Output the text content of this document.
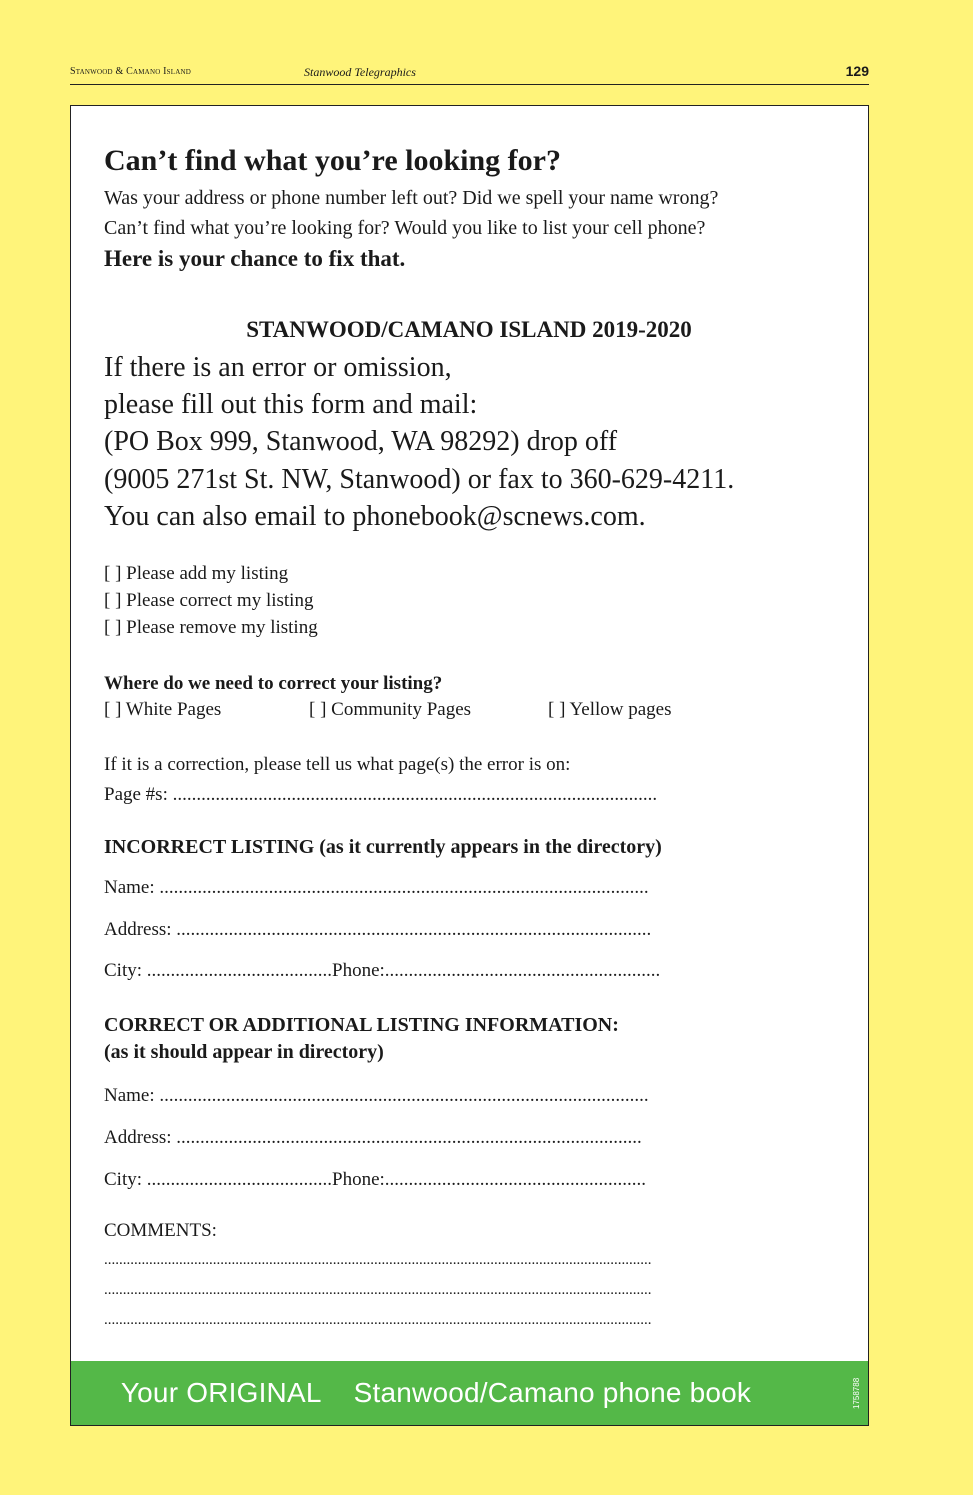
Stanwood & Camano Island	Stanwood Telegraphics	129
Can’t find what you’re looking for?
Was your address or phone number left out? Did we spell your name wrong?
Can’t find what you’re looking for? Would you like to list your cell phone?
Here is your chance to fix that.
STANWOOD/CAMANO ISLAND 2019-2020
If there is an error or omission,
please fill out this form and mail:
(PO Box 999, Stanwood, WA 98292) drop off
(9005 271st St. NW, Stanwood) or fax to 360-629-4211.
You can also email to phonebook@scnews.com.
[ ] Please add my listing
[ ] Please correct my listing
[ ] Please remove my listing
Where do we need to correct your listing?
[ ] White Pages	[ ] Community Pages	[ ] Yellow pages
If it is a correction, please tell us what page(s) the error is on:
Page #s: ......................................................................................................
INCORRECT LISTING (as it currently appears in the directory)
Name: .......................................................................................................
Address: ....................................................................................................
City: ....................................... Phone:..........................................................
CORRECT OR ADDITIONAL LISTING INFORMATION:
(as it should appear in directory)
Name: .......................................................................................................
Address: ..................................................................................................
City: ....................................... Phone:.......................................................
COMMENTS:
..................................................................................................................................................
..................................................................................................................................................
..................................................................................................................................................
Your ORIGINAL Stanwood/Camano phone book	1758788
